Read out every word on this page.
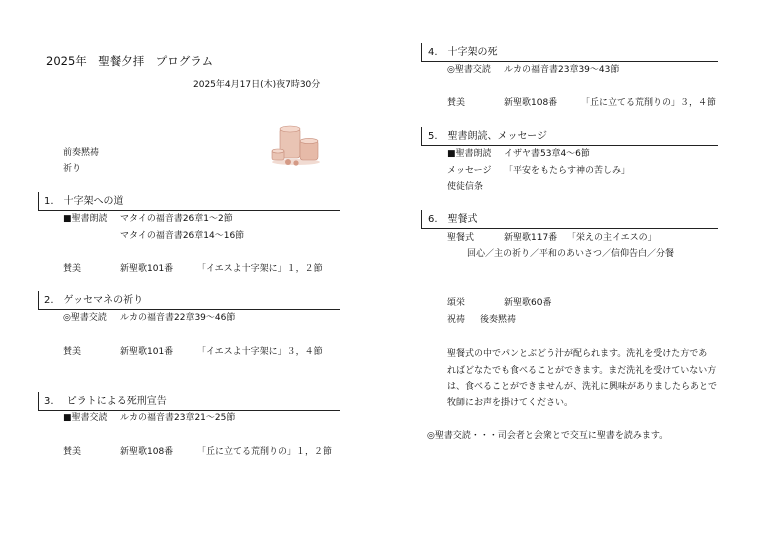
2025年　聖餐夕拝　プログラム
2025年4月17日(木)夜7時30分
前奏黙祷
祈り
1.　十字架への道
■聖書朗読 マタイの福音書26章1～2節
マタイの福音書26章14～16節
賛美	新聖歌101番	「イエスよ十字架に」１，２節
2.　ゲッセマネの祈り
◎聖書交読 ルカの福音書22章39～46節
賛美	新聖歌101番	「イエスよ十字架に」３，４節
3.　 ピラトによる死刑宣告
■聖書交読 ルカの福音書23章21～25節
賛美	新聖歌108番	「丘に立てる荒削りの」１，２節
4.　十字架の死
◎聖書交読 ルカの福音書23章39～43節
賛美	新聖歌108番	「丘に立てる荒削りの」３，４節
5.　聖書朗読、メッセージ
■聖書朗読 イザヤ書53章4～6節
メッセージ 「平安をもたらす神の苦しみ」
使徒信条
6.　聖餐式
聖餐式	新聖歌117番 「栄えの主イエスの」
回心／主の祈り／平和のあいさつ／信仰告白／分餐
頌栄	新聖歌60番
祝祷 後奏黙祷
聖餐式の中でパンとぶどう汁が配られます。洗礼を受けた方であ
ればどなたでも食べることができます。まだ洗礼を受けていない方
は、食べることができませんが、洗礼に興味がありましたらあとで
牧師にお声を掛けてください。
◎聖書交読・・・司会者と会衆とで交互に聖書を読みます。
